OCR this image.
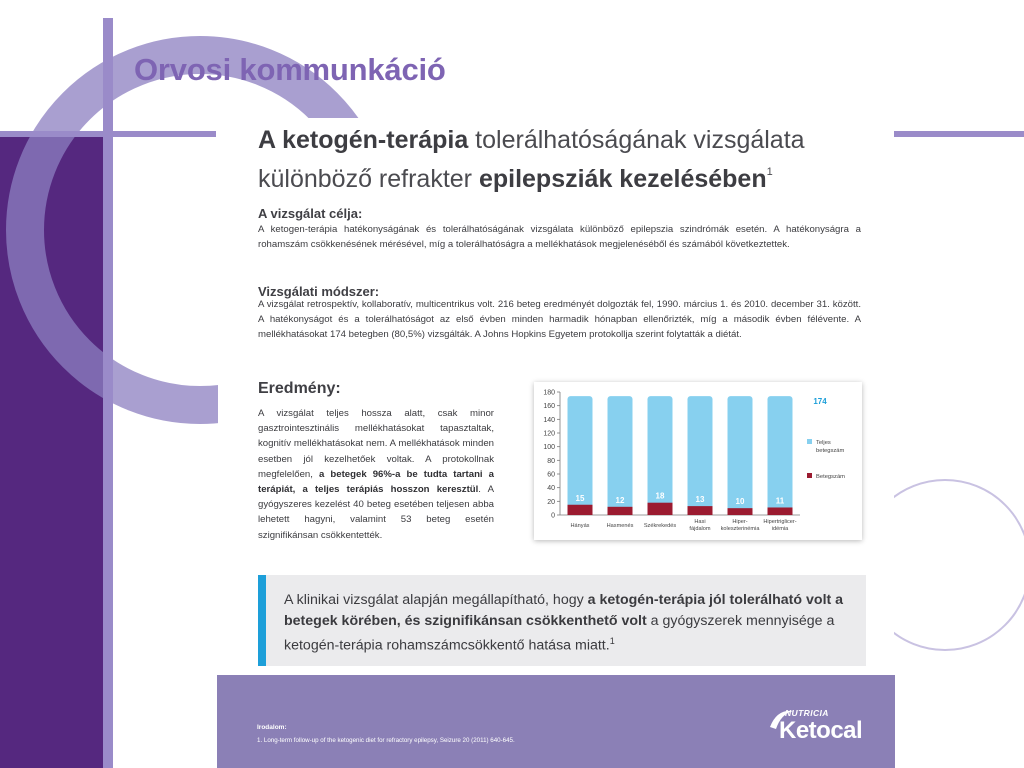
Orvosi kommunkáció
A ketogén-terápia tolerálhatóságának vizsgálata különböző refrakter epilepsziák kezelésében$^1$

A vizsgálat célja:

A ketogen-terápia hatékonyságának és tolerálhatóságának vizsgálata különböző epilepszia szindrómák esetén. A hatékonyságra a rohamszám csökkenésének mérésével, míg a tolerálhatóságra a mellékhatások megjelenéséből és számából következtettek.

Vizsgálati módszer:

A vizsgálat retrospektív, kollaboratív, multicentrikus volt. 216 beteg eredményét dolgozták fel, 1990. március 1. és 2010. december 31. között. A hatékonyságot és a tolerálhatóságot az első évben minden harmadik hónapban ellenőrizték, míg a második évben félévente. A mellékhatásokat 174 betegben (80,5%) vizsgálták. A Johns Hopkins Egyetem protokollja szerint folytatták a diétát.

Eredmény:

A vizsgálat teljes hossza alatt, csak minor gasztrointesztinális mellékhatásokat tapasztaltak, kognitív mellékhatásokat nem. A mellékhatások minden esetben jól kezelhetőek voltak. A protokollnak megfelelően, a betegek 96%-a be tudta tartani a terápiát, a teljes terápiás hosszon keresztül. A gyógyszeres kezelést 40 beteg esetében teljesen abba lehetett hagyni, valamint 53 beteg esetén szignifikánsan csökkentették.

0
20
40
60
80
100
120
140
160
180
15
Hányás
12
Hasmenés
18
Székrekedés
13
Hasi
fájdalom
10
Hiper-
koleszterinémia
11
Hipertriglicer-
idémia
174
Teljes
betegszám
Betegszám

A klinikai vizsgálat alapján megállapítható, hogy a ketogén-terápia jól tolerálható volt a betegek körében, és szignifikánsan csökkenthető volt a gyógyszerek mennyisége a ketogén-terápia rohamszámcsökkentő hatása miatt.$^1$

Irodalom:

1. Long-term follow-up of the ketogenic diet for refractory epilepsy, Seizure 20 (2011) 640-645.

NUTRICIA

Ketocal
